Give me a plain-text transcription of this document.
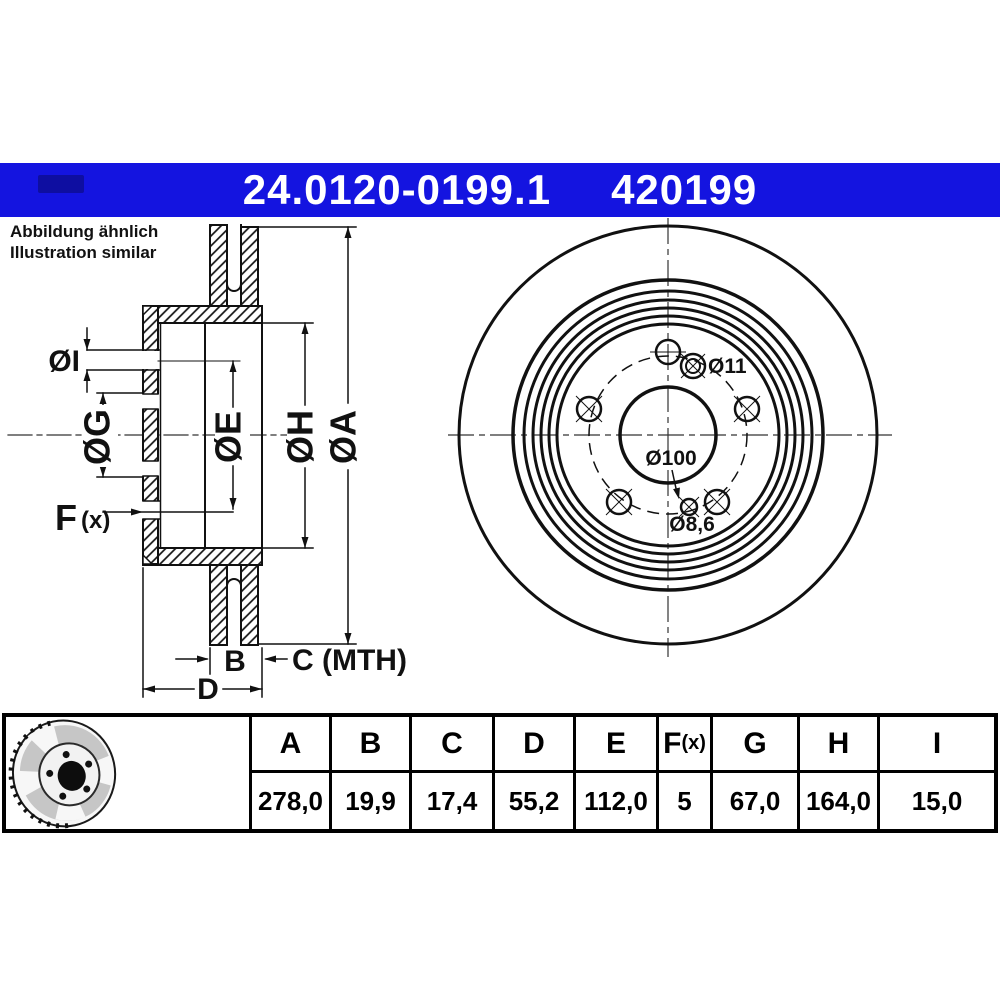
24.0120-0199.1 420199
Abbildung ähnlich
Illustration similar
ØI
ØG	ØE ØH ØA
F (x)
B C (MTH)
D
Ø11
Ø100
Ø8,6
A B C D E F (x) G H	I
278,0 19,9	17,4	55,2 112,0	5	67,0 164,0	15,0
